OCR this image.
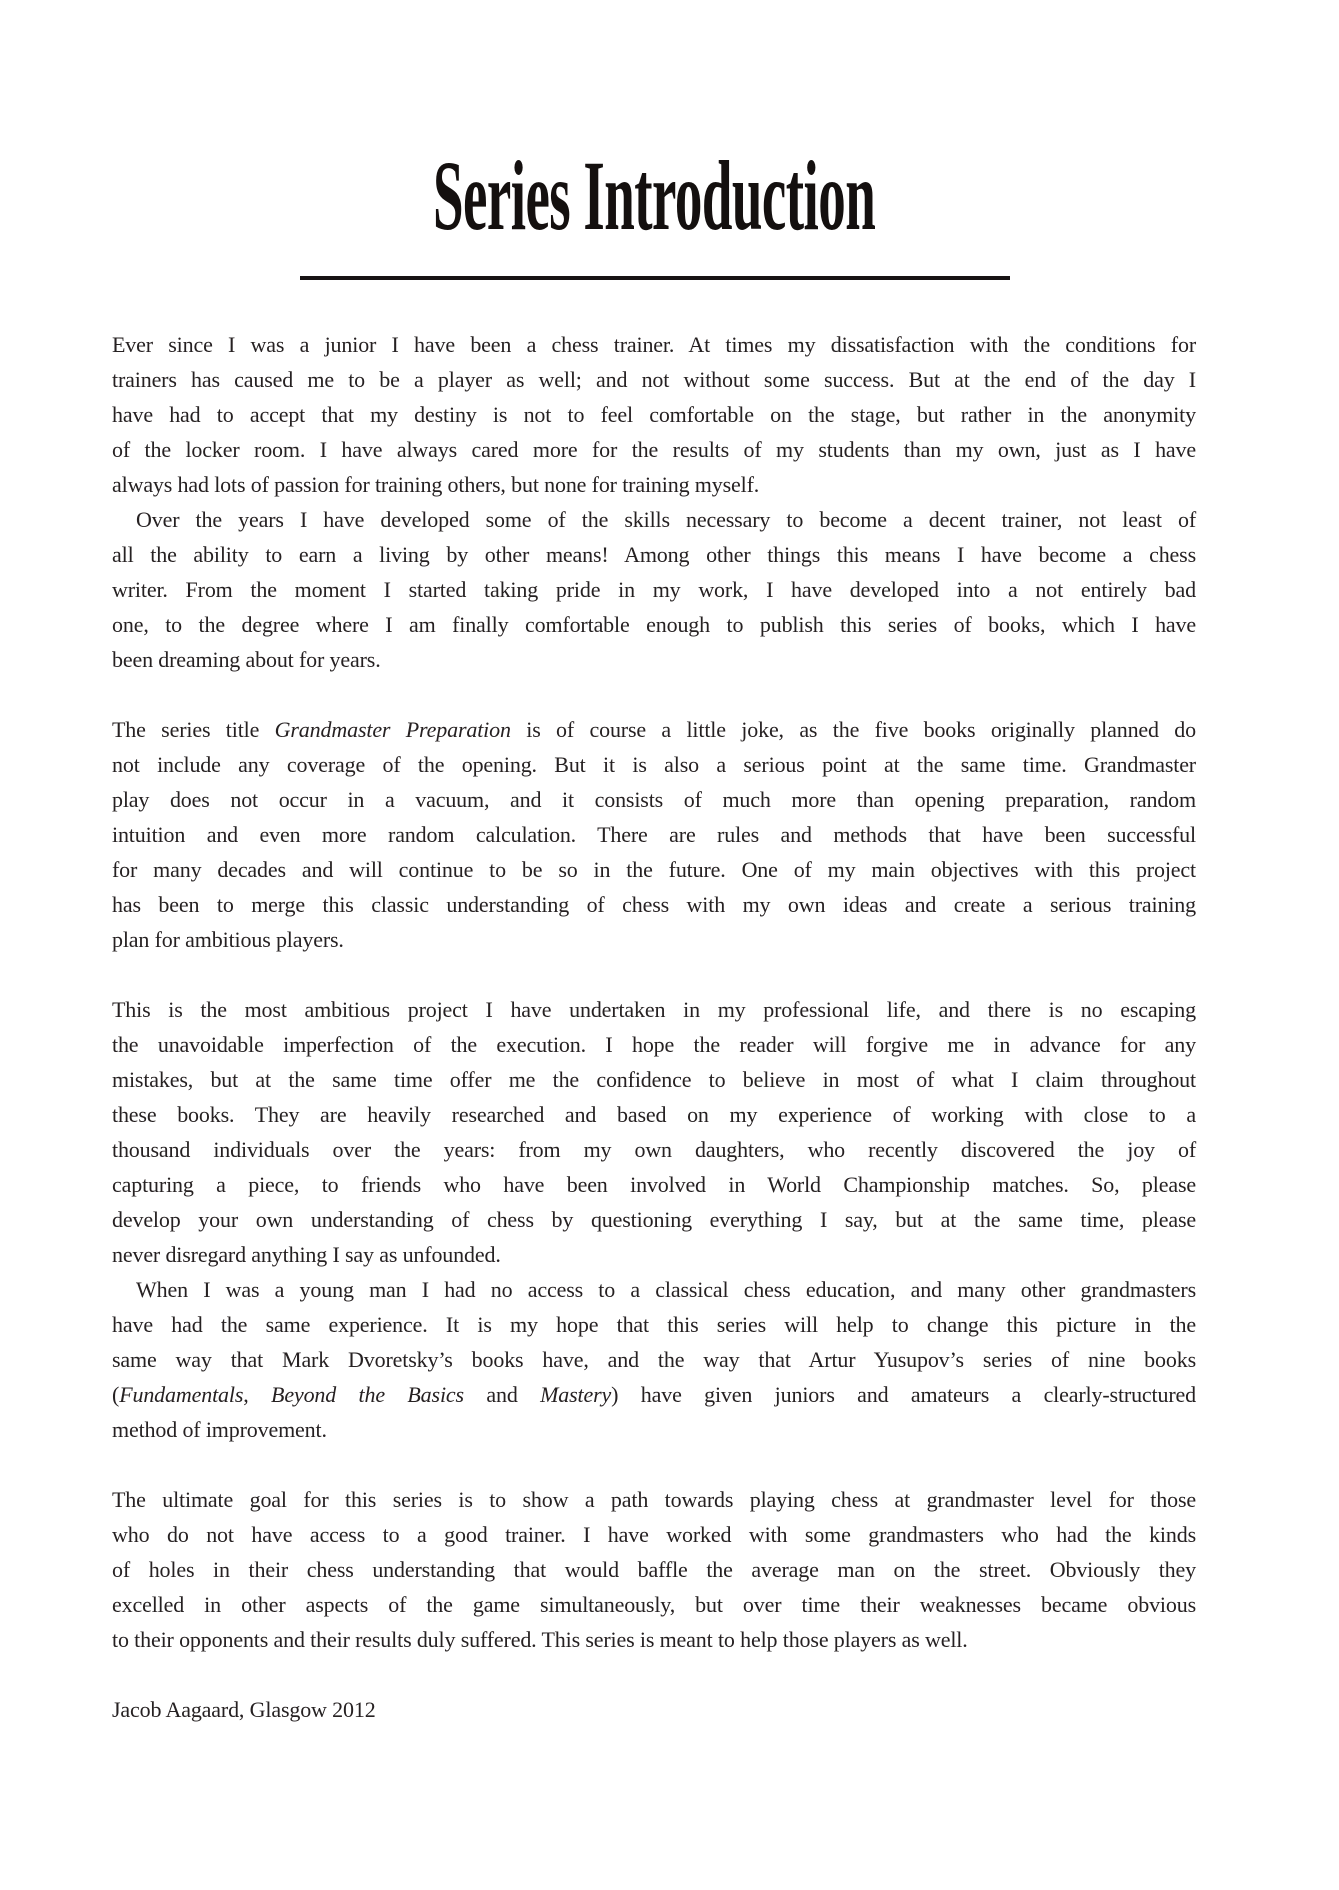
Series Introduction
Ever since I was a junior I have been a chess trainer. At times my dissatisfaction with the conditions for
trainers has caused me to be a player as well; and not without some success. But at the end of the day I
have had to accept that my destiny is not to feel comfortable on the stage, but rather in the anonymity
of the locker room. I have always cared more for the results of my students than my own, just as I have
always had lots of passion for training others, but none for training myself.
Over the years I have developed some of the skills necessary to become a decent trainer, not least of
all the ability to earn a living by other means! Among other things this means I have become a chess
writer. From the moment I started taking pride in my work, I have developed into a not entirely bad
one, to the degree where I am finally comfortable enough to publish this series of books, which I have
been dreaming about for years.
The series title Grandmaster Preparation is of course a little joke, as the five books originally planned do
not include any coverage of the opening. But it is also a serious point at the same time. Grandmaster
play does not occur in a vacuum, and it consists of much more than opening preparation, random
intuition and even more random calculation. There are rules and methods that have been successful
for many decades and will continue to be so in the future. One of my main objectives with this project
has been to merge this classic understanding of chess with my own ideas and create a serious training
plan for ambitious players.
This is the most ambitious project I have undertaken in my professional life, and there is no escaping
the unavoidable imperfection of the execution. I hope the reader will forgive me in advance for any
mistakes, but at the same time offer me the confidence to believe in most of what I claim throughout
these books. They are heavily researched and based on my experience of working with close to a
thousand individuals over the years: from my own daughters, who recently discovered the joy of
capturing a piece, to friends who have been involved in World Championship matches. So, please
develop your own understanding of chess by questioning everything I say, but at the same time, please
never disregard anything I say as unfounded.
When I was a young man I had no access to a classical chess education, and many other grandmasters
have had the same experience. It is my hope that this series will help to change this picture in the
same way that Mark Dvoretsky’s books have, and the way that Artur Yusupov’s series of nine books
(Fundamentals, Beyond the Basics and Mastery) have given juniors and amateurs a clearly-structured
method of improvement.
The ultimate goal for this series is to show a path towards playing chess at grandmaster level for those
who do not have access to a good trainer. I have worked with some grandmasters who had the kinds
of holes in their chess understanding that would baffle the average man on the street. Obviously they
excelled in other aspects of the game simultaneously, but over time their weaknesses became obvious
to their opponents and their results duly suffered. This series is meant to help those players as well.
Jacob Aagaard, Glasgow 2012
